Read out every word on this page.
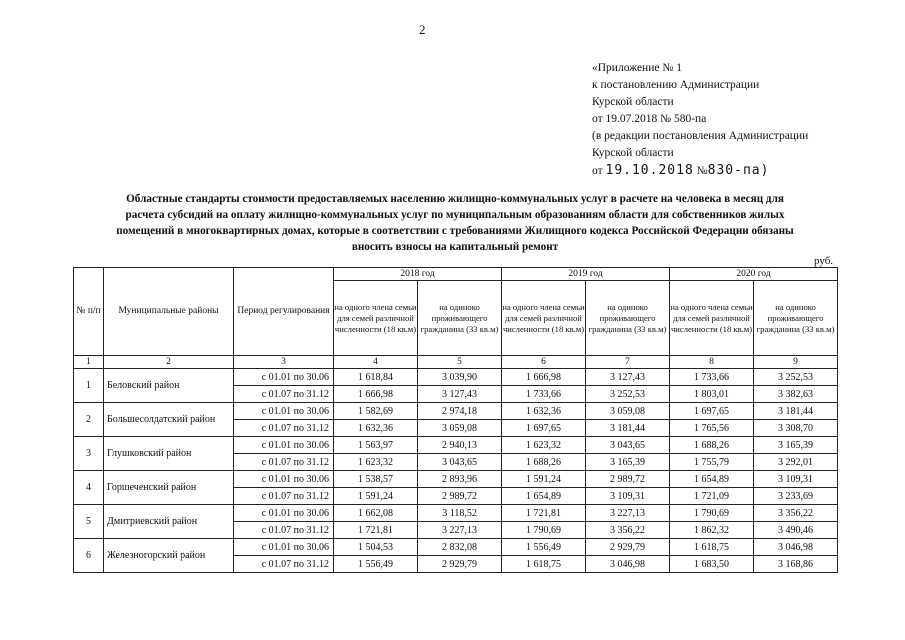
2
«Приложение № 1
к постановлению Администрации
Курской области
от 19.07.2018 № 580-па
(в редакции постановления Администрации
Курской области
от 19.10.2018 №830-па)
Областные стандарты стоимости предоставляемых населению жилищно-коммунальных услуг в расчете на человека в месяц для
расчета субсидий на оплату жилищно-коммунальных услуг по муниципальным образованиям области для собственников жилых
помещений в многоквартирных домах, которые в соответствии с требованиями Жилищного кодекса Российской Федерации обязаны
вносить взносы на капитальный ремонт
руб.
№ п/п	Муниципальные районы	Период регулирования	2018 год		2019 год		2020 год	
			на одного члена семьи для семей различной численности (18 кв.м)	на одиноко проживающего гражданина (33 кв.м)	на одного члена семьи для семей различной численности (18 кв.м)	на одиноко проживающего гражданина (33 кв.м)	на одного члена семьи для семей различной численности (18 кв.м)	на одиноко проживающего гражданина (33 кв.м)
1	2	3	4	5	6	7	8	9
1	Беловский район	с 01.01 по 30.06	1 618,84	3 039,90	1 666,98	3 127,43	1 733,66	3 252,53
		с 01.07 по 31.12	1 666,98	3 127,43	1 733,66	3 252,53	1 803,01	3 382,63
2	Большесолдатский район	с 01.01 по 30.06	1 582,69	2 974,18	1 632,36	3 059,08	1 697,65	3 181,44
		с 01.07 по 31.12	1 632,36	3 059,08	1 697,65	3 181,44	1 765,56	3 308,70
3	Глушковский район	с 01.01 по 30.06	1 563,97	2 940,13	1 623,32	3 043,65	1 688,26	3 165,39
		с 01.07 по 31.12	1 623,32	3 043,65	1 688,26	3 165,39	1 755,79	3 292,01
4	Горшеченский район	с 01.01 по 30.06	1 538,57	2 893,96	1 591,24	2 989,72	1 654,89	3 109,31
		с 01.07 по 31.12	1 591,24	2 989,72	1 654,89	3 109,31	1 721,09	3 233,69
5	Дмитриевский район	с 01.01 по 30.06	1 662,08	3 118,52	1 721,81	3 227,13	1 790,69	3 356,22
		с 01.07 по 31.12	1 721,81	3 227,13	1 790,69	3 356,22	1 862,32	3 490,46
6	Железногорский район	с 01.01 по 30.06	1 504,53	2 832,08	1 556,49	2 929,79	1 618,75	3 046,98
		с 01.07 по 31.12	1 556,49	2 929,79	1 618,75	3 046,98	1 683,50	3 168,86
